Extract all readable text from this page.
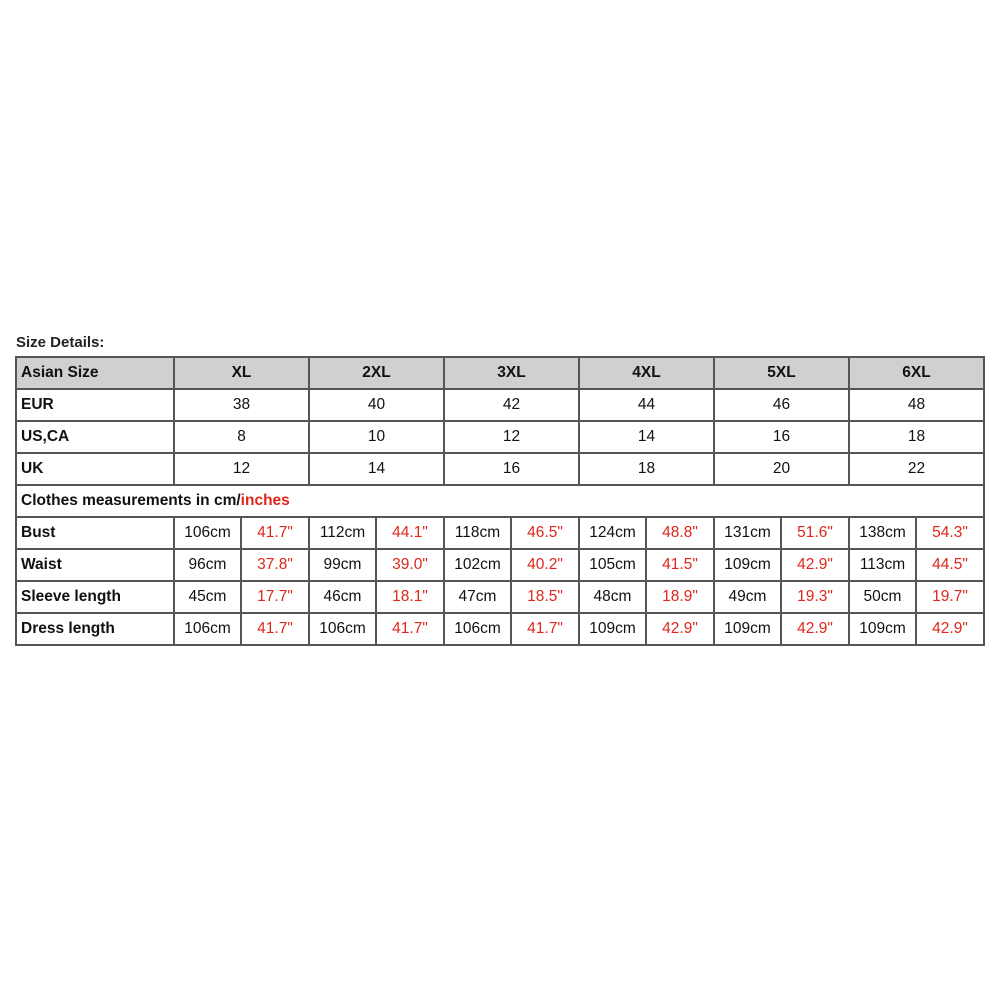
Size Details:
Asian Size	XL		2XL		3XL		4XL		5XL		6XL	
EUR	38		40		42		44		46		48	
US,CA	8		10		12		14		16		18	
UK	12		14		16		18		20		22	
Clothes measurements in cm/inches												
Bust	106cm	41.7"	112cm	44.1"	118cm	46.5"	124cm	48.8"	131cm	51.6"	138cm	54.3"
Waist	96cm	37.8"	99cm	39.0"	102cm	40.2"	105cm	41.5"	109cm	42.9"	113cm	44.5"
Sleeve length	45cm	17.7"	46cm	18.1"	47cm	18.5"	48cm	18.9"	49cm	19.3"	50cm	19.7"
Dress length	106cm	41.7"	106cm	41.7"	106cm	41.7"	109cm	42.9"	109cm	42.9"	109cm	42.9"
